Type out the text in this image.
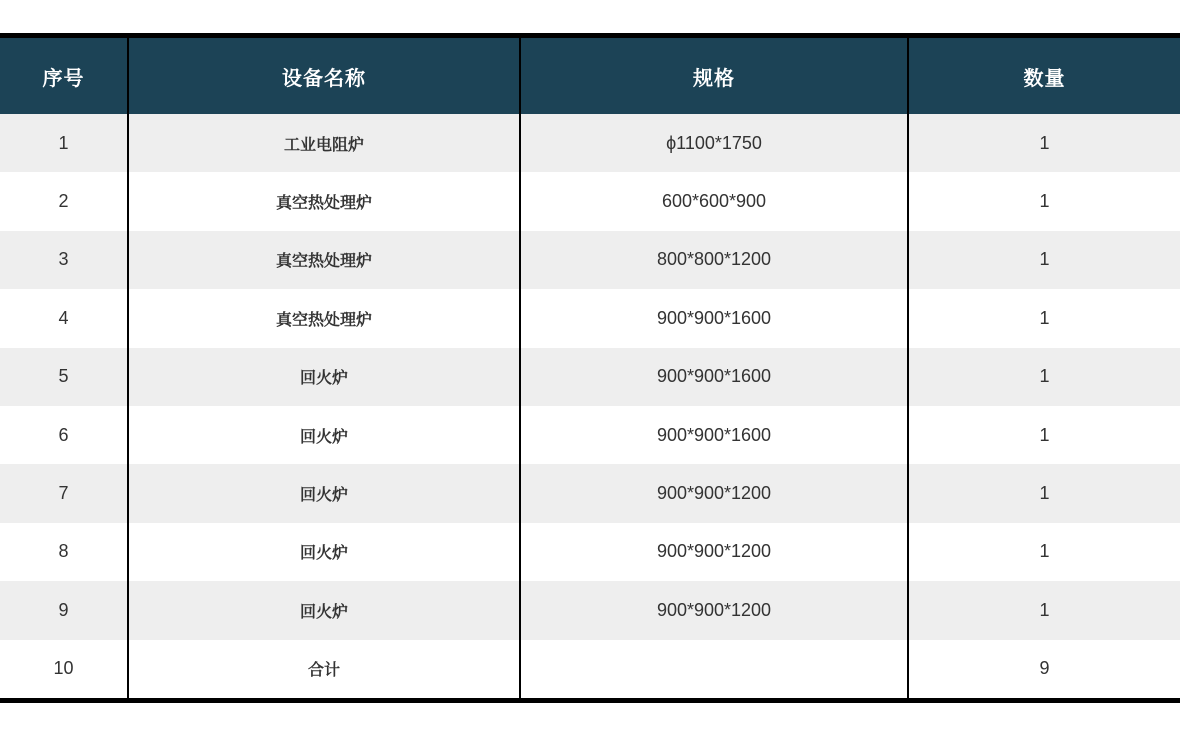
序号	设备名称	规格	数量
1	工业电阻炉	ϕ1100*1750	1
2	真空热处理炉	600*600*900	1
3	真空热处理炉	800*800*1200	1
4	真空热处理炉	900*900*1600	1
5	回火炉	900*900*1600	1
6	回火炉	900*900*1600	1
7	回火炉	900*900*1200	1
8	回火炉	900*900*1200	1
9	回火炉	900*900*1200	1
10	合计		9
